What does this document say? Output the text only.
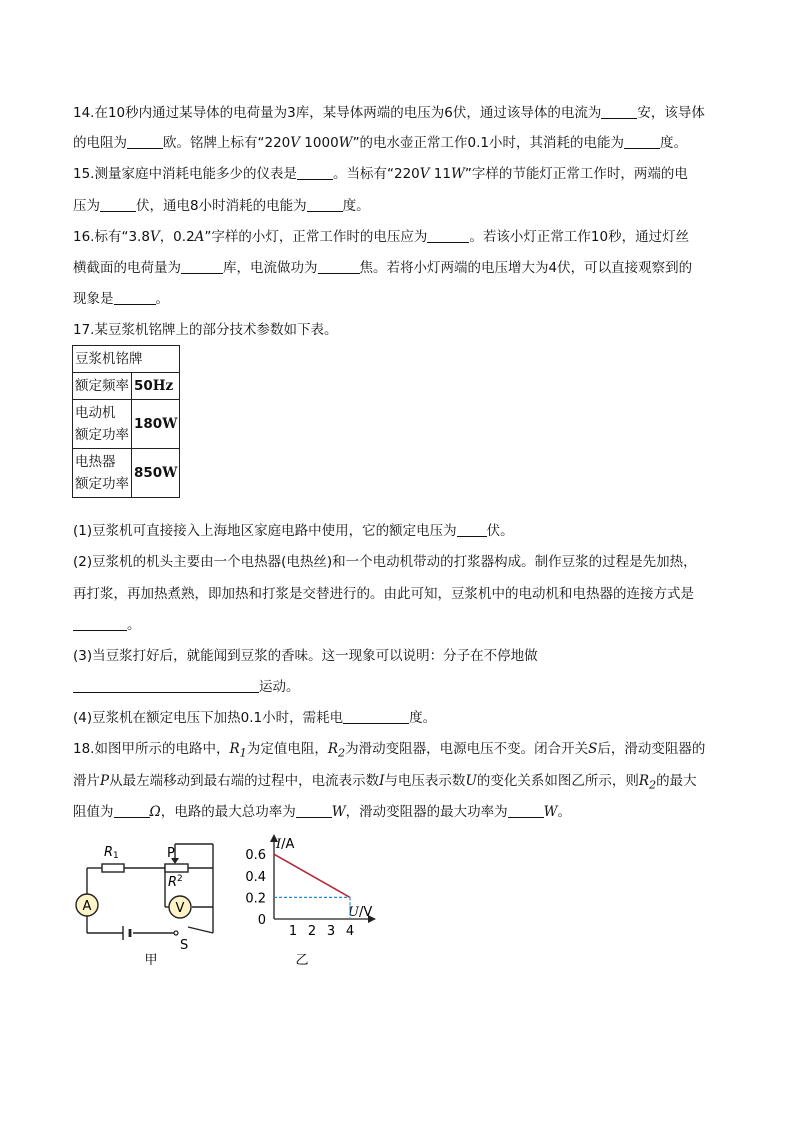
14.在10秒内通过某导体的电荷量为3库，某导体两端的电压为6伏，通过该导体的电流为	安，该导体
的电阻为	欧。铭牌上标有“220V 1000W”的电水壶正常工作0.1小时，其消耗的电能为	度。
15.测量家庭中消耗电能多少的仪表是	。当标有“220V 11W”字样的节能灯正常工作时，两端的电
压为	伏，通电8小时消耗的电能为	度。
16.标有“3.8V，0.2A”字样的小灯，正常工作时的电压应为	。若该小灯正常工作10秒，通过灯丝
横截面的电荷量为	库，电流做功为	焦。若将小灯两端的电压增大为4伏，可以直接观察到的
现象是	。
17.某豆浆机铭牌上的部分技术参数如下表。
豆浆机铭牌	
额定频率	50Hz

电动机
额定功率	180W

电热器
额定功率	850W
(1)豆浆机可直接接入上海地区家庭电路中使用，它的额定电压为 伏。
(2)豆浆机的机头主要由一个电热器(电热丝)和一个电动机带动的打浆器构成。制作豆浆的过程是先加热，
再打浆，再加热煮熟，即加热和打浆是交替进行的。由此可知，豆浆机中的电动机和电热器的连接方式是
。
(3)当豆浆打好后，就能闻到豆浆的香味。这一现象可以说明：分子在不停地做
运动。
(4)豆浆机在额定电压下加热0.1小时，需耗电	度。
18.如图甲所示的电路中，$R_1$为定值电阻，$R_2$为滑动变阻器，电源电压不变。闭合开关S后，滑动变阻器的
滑片P从最左端移动到最右端的过程中，电流表示数I与电压表示数U的变化关系如图乙所示，则$R_2$的最大
阻值为	Ω，电路的最大总功率为	W，滑动变阻器的最大功率为	W。
R1	P
$R^2$
A	V
S
甲
I/A
U/V
乙
1 2 3 4
0.6
0.4
0.2
0
